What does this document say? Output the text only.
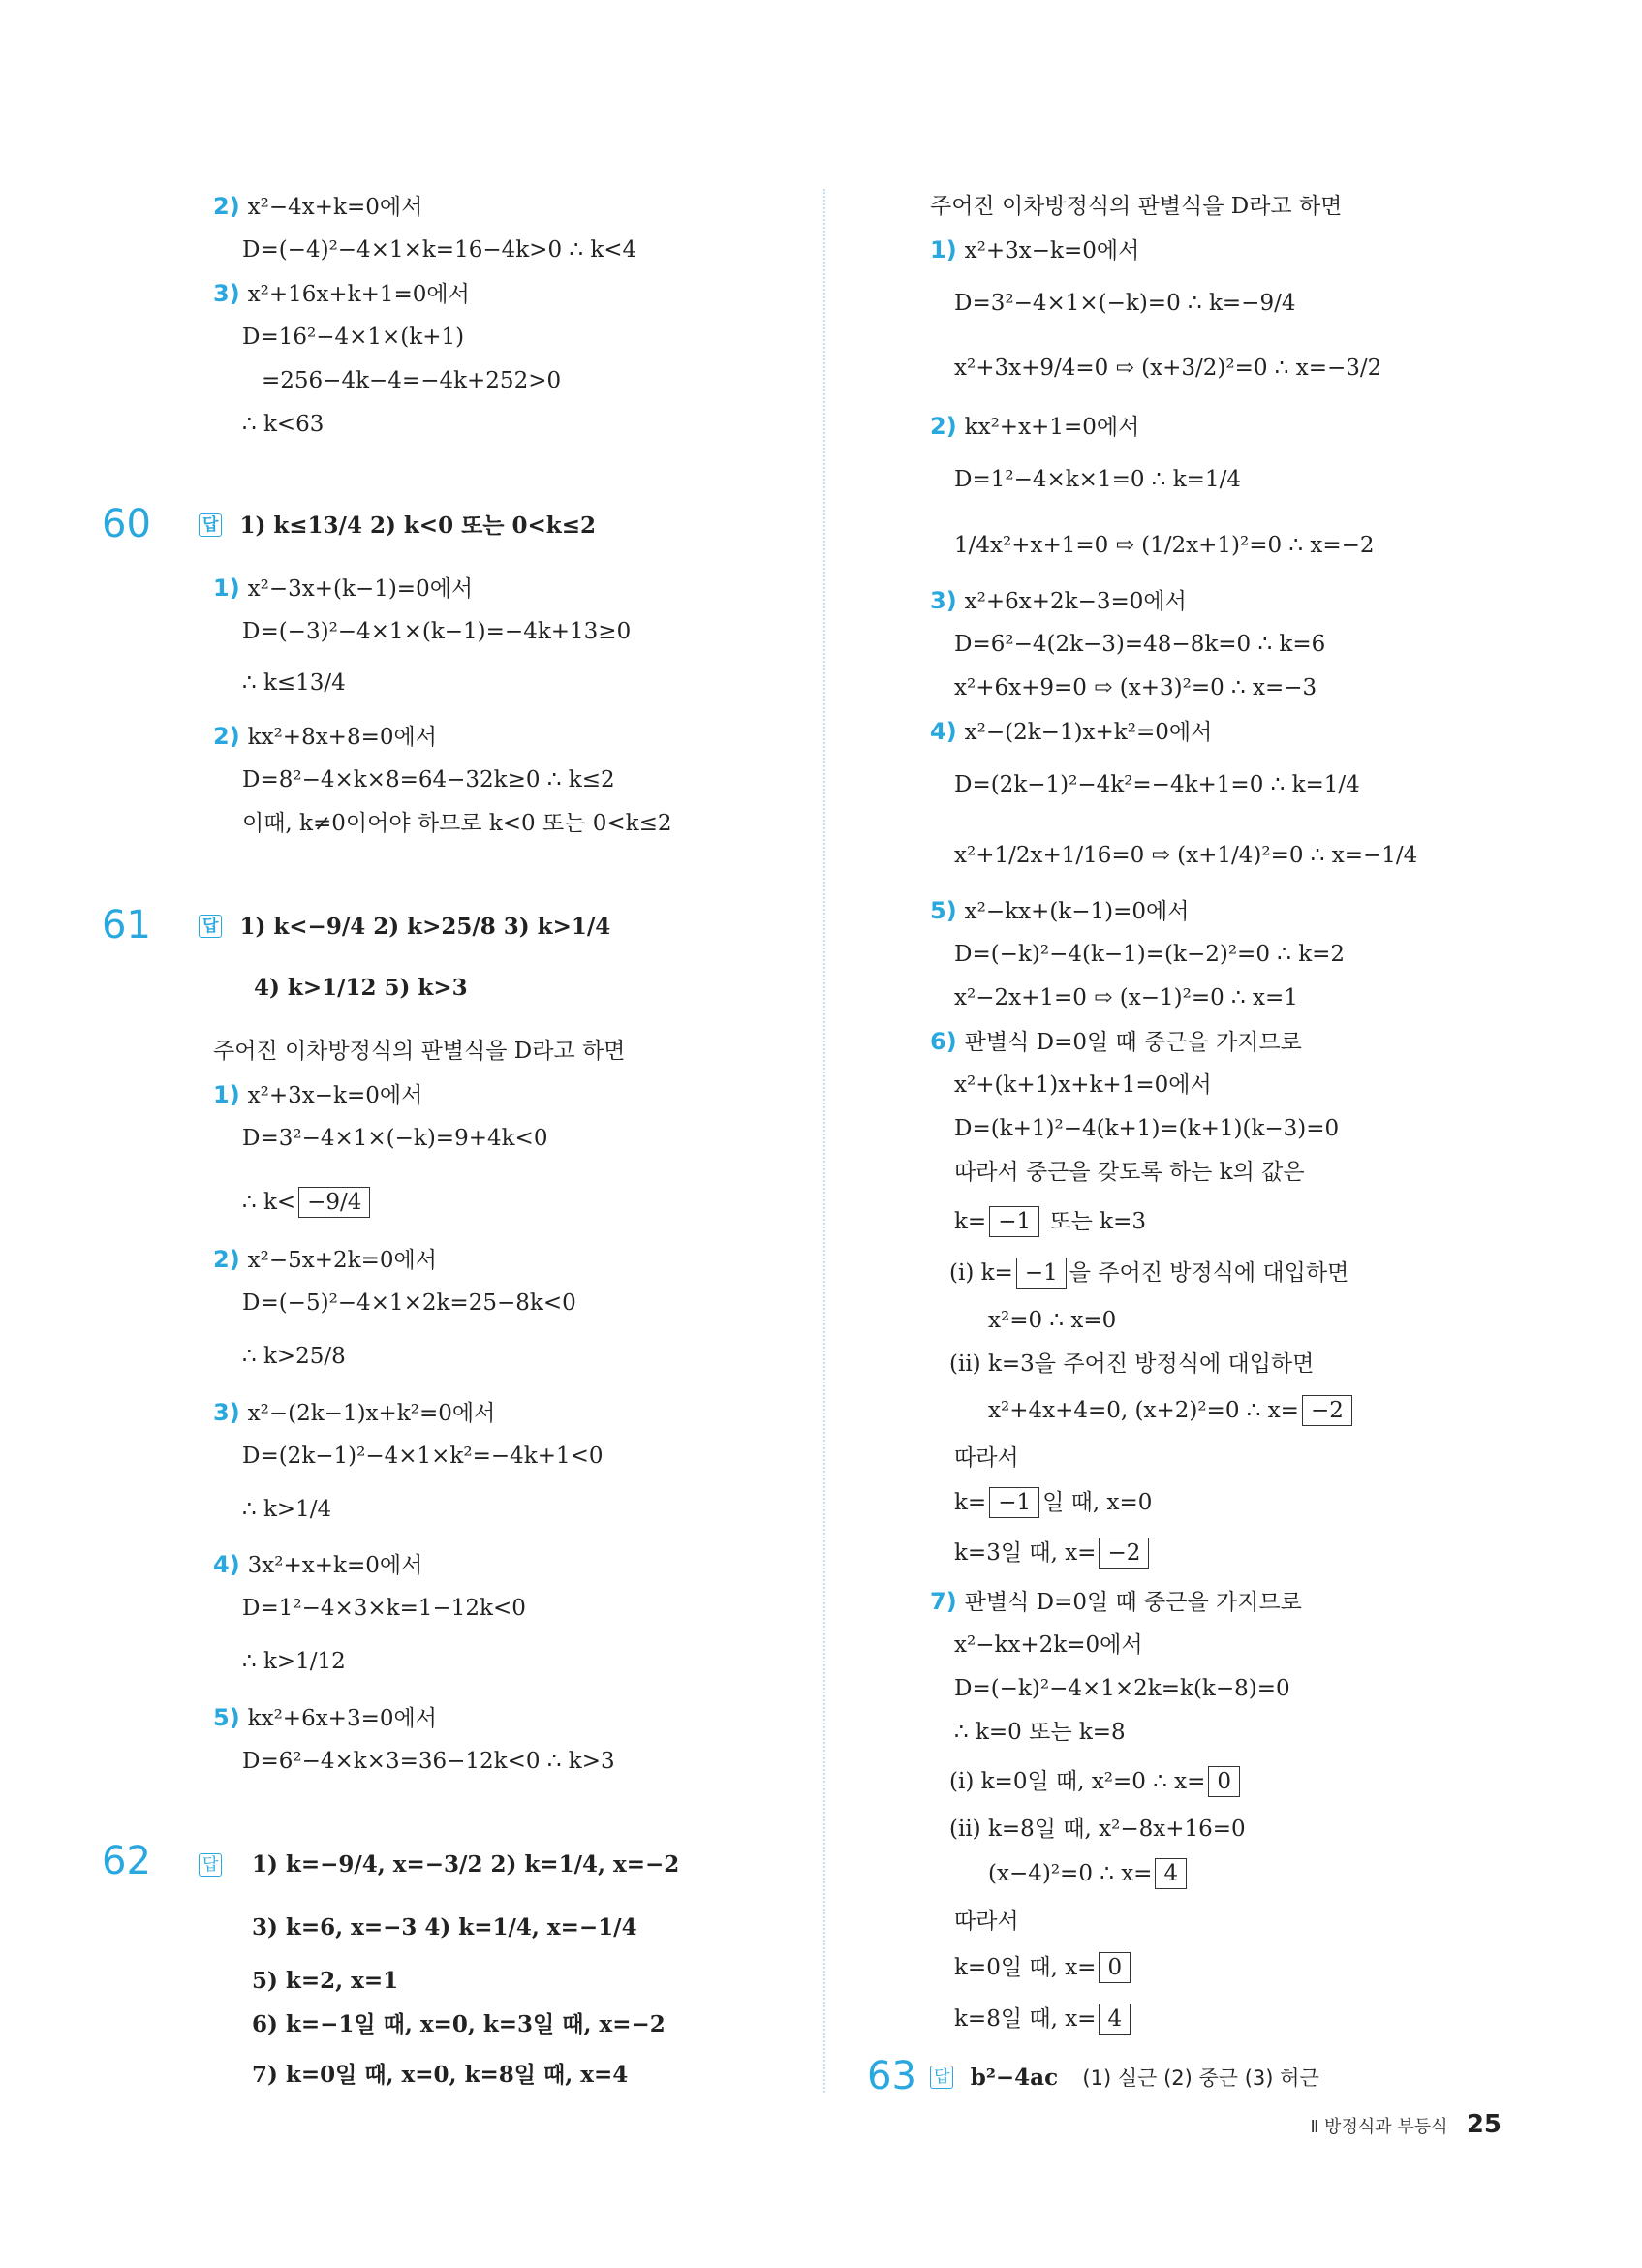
2) x²−4x+k=0에서
D=(−4)²−4×1×k=16−4k>0 ∴ k<4
3) x²+16x+k+1=0에서
D=16²−4×1×(k+1)
=256−4k−4=−4k+252>0
∴ k<63
1) x²−3x+(k−1)=0에서
D=(−3)²−4×1×(k−1)=−4k+13≥0
∴ k≤13/4
2) kx²+8x+8=0에서
D=8²−4×k×8=64−32k≥0 ∴ k≤2
이때, k≠0이어야 하므로 k<0 또는 0<k≤2
주어진 이차방정식의 판별식을 D라고 하면
1) x²+3x−k=0에서
D=3²−4×1×(−k)=9+4k<0
∴ k< −9/4
2) x²−5x+2k=0에서
D=(−5)²−4×1×2k=25−8k<0
∴ k>25/8
3) x²−(2k−1)x+k²=0에서
D=(2k−1)²−4×1×k²=−4k+1<0
∴ k>1/4
4) 3x²+x+k=0에서
D=1²−4×3×k=1−12k<0
∴ k>1/12
5) kx²+6x+3=0에서
D=6²−4×k×3=36−12k<0 ∴ k>3
1) k=−9/4, x=−3/2 2) k=1/4, x=−2
3) k=6, x=−3 4) k=1/4, x=−1/4
5) k=2, x=1
6) k=−1일 때, x=0, k=3일 때, x=−2
7) k=0일 때, x=0, k=8일 때, x=4
60	답 1) k≤13/4 2) k<0 또는 0<k≤2
61	답 1) k<−9/4 2) k>25/8 3) k>1/4
4) k>1/12 5) k>3
62	답
주어진 이차방정식의 판별식을 D라고 하면
1) x²+3x−k=0에서
D=3²−4×1×(−k)=0 ∴ k=−9/4
x²+3x+9/4=0 ⇨ (x+3/2)²=0 ∴ x=−3/2
2) kx²+x+1=0에서
D=1²−4×k×1=0 ∴ k=1/4
1/4x²+x+1=0 ⇨ (1/2x+1)²=0 ∴ x=−2
3) x²+6x+2k−3=0에서
D=6²−4(2k−3)=48−8k=0 ∴ k=6
x²+6x+9=0 ⇨ (x+3)²=0 ∴ x=−3
4) x²−(2k−1)x+k²=0에서
D=(2k−1)²−4k²=−4k+1=0 ∴ k=1/4
x²+1/2x+1/16=0 ⇨ (x+1/4)²=0 ∴ x=−1/4
5) x²−kx+(k−1)=0에서
D=(−k)²−4(k−1)=(k−2)²=0 ∴ k=2
x²−2x+1=0 ⇨ (x−1)²=0 ∴ x=1
6) 판별식 D=0일 때 중근을 가지므로
x²+(k+1)x+k+1=0에서
D=(k+1)²−4(k+1)=(k+1)(k−3)=0
따라서 중근을 갖도록 하는 k의 값은
k= −1 또는 k=3
(i) k= −1 을 주어진 방정식에 대입하면
x²=0 ∴ x=0
(ii) k=3을 주어진 방정식에 대입하면
x²+4x+4=0, (x+2)²=0 ∴ x= −2
따라서
k= −1 일 때, x=0
k=3일 때, x= −2
7) 판별식 D=0일 때 중근을 가지므로
x²−kx+2k=0에서
D=(−k)²−4×1×2k=k(k−8)=0
∴ k=0 또는 k=8
(i) k=0일 때, x²=0 ∴ x= 0
(ii) k=8일 때, x²−8x+16=0
(x−4)²=0 ∴ x= 4
따라서
k=0일 때, x= 0
k=8일 때, x= 4
63 답 b²−4ac (1) 실근 (2) 중근 (3) 허근
Ⅱ 방정식과 부등식 25
